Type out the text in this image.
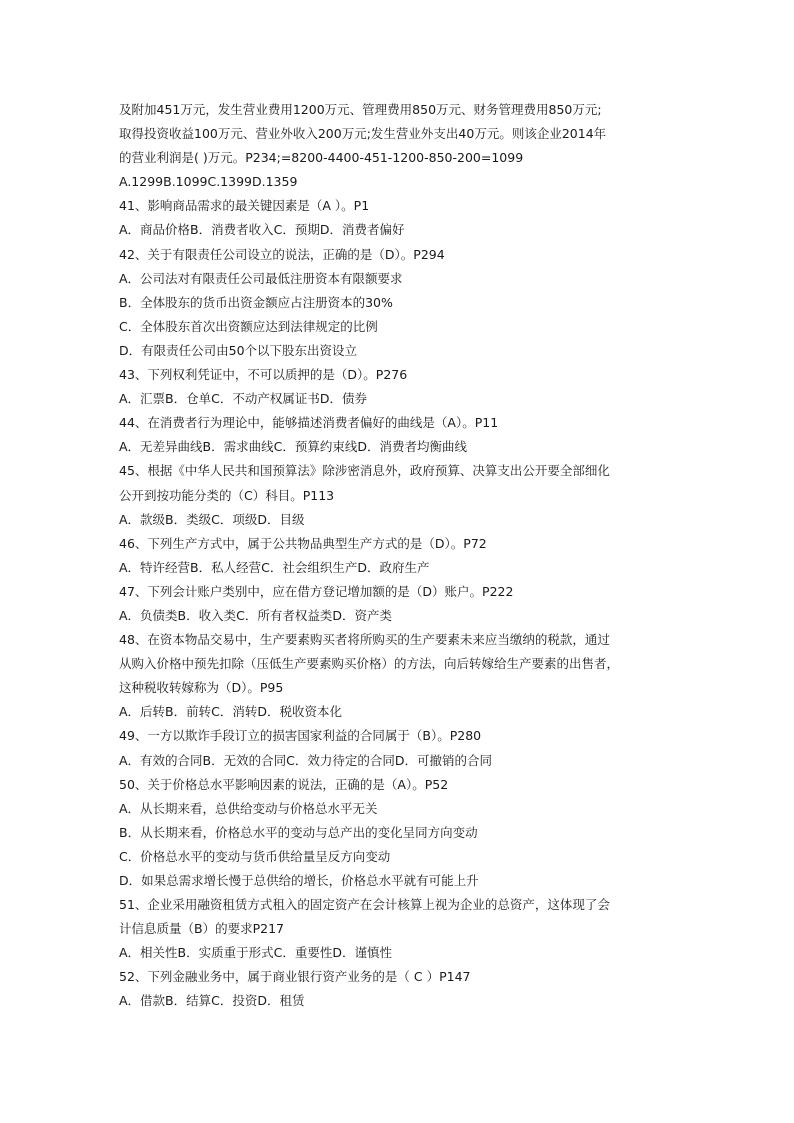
及附加451万元，发生营业费用1200万元、管理费用850万元、财务管理费用850万元;
取得投资收益100万元、营业外收入200万元;发生营业外支出40万元。则该企业2014年
的营业利润是( )万元。P234;=8200-4400-451-1200-850-200=1099
A.1299B.1099C.1399D.1359
41、影响商品需求的最关键因素是（A ）。P1
A．商品价格B．消费者收入C．预期D．消费者偏好
42、关于有限责任公司设立的说法，正确的是（D）。P294
A．公司法对有限责任公司最低注册资本有限额要求
B．全体股东的货币出资金额应占注册资本的30%
C．全体股东首次出资额应达到法律规定的比例
D．有限责任公司由50个以下股东出资设立
43、下列权利凭证中，不可以质押的是（D）。P276
A．汇票B．仓单C．不动产权属证书D．债券
44、在消费者行为理论中，能够描述消费者偏好的曲线是（A）。P11
A．无差异曲线B．需求曲线C．预算约束线D．消费者均衡曲线
45、根据《中华人民共和国预算法》除涉密消息外，政府预算、决算支出公开要全部细化
公开到按功能分类的（C）科目。P113
A．款级B．类级C．项级D．目级
46、下列生产方式中，属于公共物品典型生产方式的是（D）。P72
A．特许经营B．私人经营C．社会组织生产D．政府生产
47、下列会计账户类别中，应在借方登记增加额的是（D）账户。P222
A．负债类B．收入类C．所有者权益类D．资产类
48、在资本物品交易中，生产要素购买者将所购买的生产要素未来应当缴纳的税款，通过
从购入价格中预先扣除（压低生产要素购买价格）的方法，向后转嫁给生产要素的出售者，
这种税收转嫁称为（D）。P95
A．后转B．前转C．消转D．税收资本化
49、一方以欺诈手段订立的损害国家利益的合同属于（B）。P280
A．有效的合同B．无效的合同C．效力待定的合同D．可撤销的合同
50、关于价格总水平影响因素的说法，正确的是（A）。P52
A．从长期来看，总供给变动与价格总水平无关
B．从长期来看，价格总水平的变动与总产出的变化呈同方向变动
C．价格总水平的变动与货币供给量呈反方向变动
D．如果总需求增长慢于总供给的增长，价格总水平就有可能上升
51、企业采用融资租赁方式租入的固定资产在会计核算上视为企业的总资产，这体现了会
计信息质量（B）的要求P217
A．相关性B．实质重于形式C．重要性D．谨慎性
52、下列金融业务中，属于商业银行资产业务的是（ C ）P147
A．借款B．结算C．投资D．租赁
